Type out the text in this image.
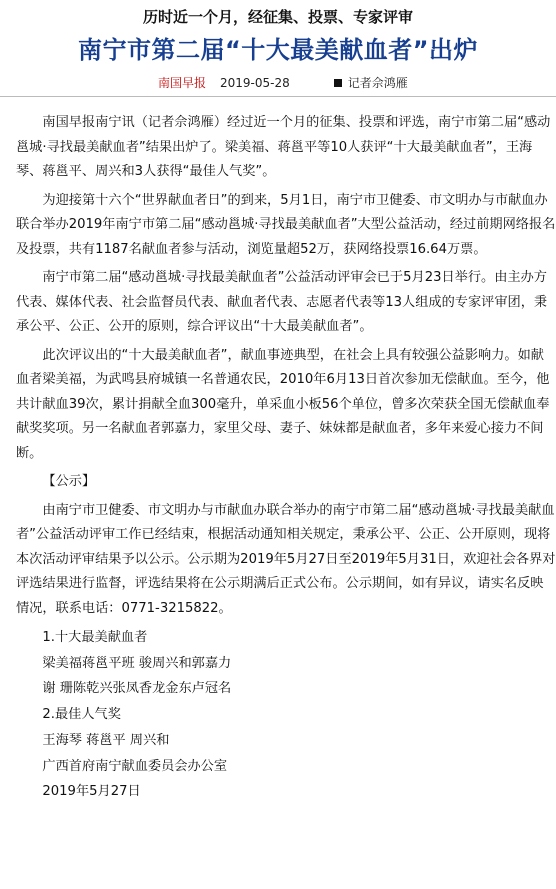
历时近一个月，经征集、投票、专家评审
南宁市第二届“十大最美献血者”出炉
南国早报 2019-05-28	记者佘鸿雁

南国早报南宁讯（记者佘鸿雁）经过近一个月的征集、投票和评选，南宁市第二届“感动邕城·寻找最美献血者”结果出炉了。梁美福、蒋邕平等10人获评“十大最美献血者”，王海琴、蒋邕平、周兴和3人获得“最佳人气奖”。

为迎接第十六个“世界献血者日”的到来，5月1日，南宁市卫健委、市文明办与市献血办联合举办2019年南宁市第二届“感动邕城·寻找最美献血者”大型公益活动，经过前期网络报名及投票，共有1187名献血者参与活动，浏览量超52万，获网络投票16.64万票。

南宁市第二届“感动邕城·寻找最美献血者”公益活动评审会已于5月23日举行。由主办方代表、媒体代表、社会监督员代表、献血者代表、志愿者代表等13人组成的专家评审团，秉承公平、公正、公开的原则，综合评议出“十大最美献血者”。

此次评议出的“十大最美献血者”，献血事迹典型，在社会上具有较强公益影响力。如献血者梁美福，为武鸣县府城镇一名普通农民，2010年6月13日首次参加无偿献血。至今，他共计献血39次，累计捐献全血300毫升，单采血小板56个单位，曾多次荣获全国无偿献血奉献奖奖项。另一名献血者郭嘉力，家里父母、妻子、妹妹都是献血者，多年来爱心接力不间断。

【公示】

由南宁市卫健委、市文明办与市献血办联合举办的南宁市第二届“感动邕城·寻找最美献血者”公益活动评审工作已经结束，根据活动通知相关规定，秉承公平、公正、公开原则，现将本次活动评审结果予以公示。公示期为2019年5月27日至2019年5月31日，欢迎社会各界对评选结果进行监督，评选结果将在公示期满后正式公布。公示期间，如有异议，请实名反映情况，联系电话：0771-3215822。

1.十大最美献血者

梁美福蒋邕平班 骏周兴和郭嘉力

谢 珊陈乾兴张凤香龙金东卢冠名

2.最佳人气奖

王海琴 蒋邕平 周兴和

广西首府南宁献血委员会办公室

2019年5月27日
